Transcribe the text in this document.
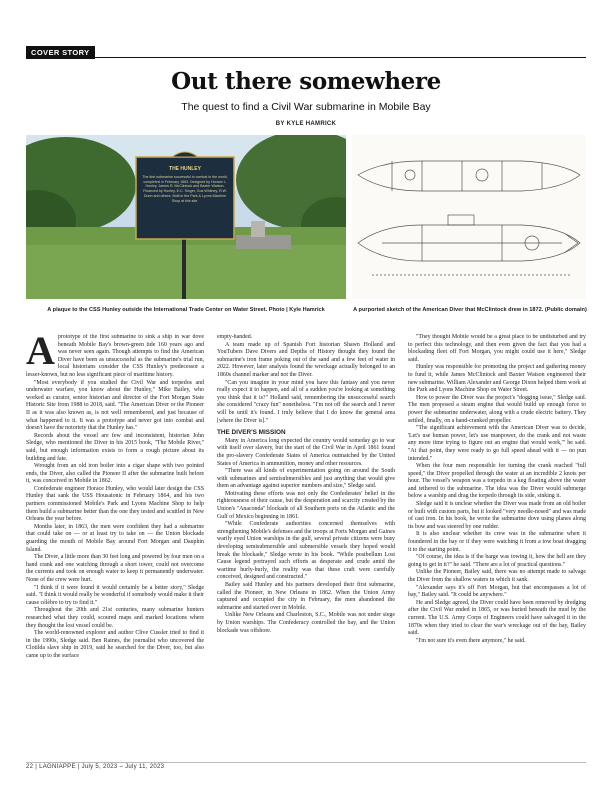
COVER STORY
Out there somewhere
The quest to find a Civil War submarine in Mobile Bay
BY KYLE HAMRICK
THE HUNLEY
The first submarine successful in combat in the world, completed in February 1863. Designed by Horace L. Hunley, James R. McClintock and Baxter Watson. Financed by Hunley, E.C. Singer, Gus Whitney, R.W. Dunn and others. Built in the Park & Lyons Machine Shop at this site.
A plaque to the CSS Hunley outside the International Trade Center on Water Street. Photo | Kyle Hamrick	A purported sketch of the American Diver that McClintock drew in 1872. (Public domain)

Aprototype of the first submarine to sink a ship in war dove beneath Mobile Bay's brown-green tide 160 years ago and was never seen again. Though attempts to find the American Diver have been as unsuccessful as the submarine's trial run, local historians consider the CSS Hunley's predecessor a lesser-known, but no less significant piece of maritime history.

"Most everybody if you studied the Civil War and torpedos and underwater warfare, you know about the Hunley," Mike Bailey, who worked as curator, senior historian and director of the Fort Morgan State Historic Site from 1988 to 2018, said. "The American Diver or the Pioneer II as it was also known as, is not well remembered, and just because of what happened to it. It was a prototype and never got into combat and doesn't have the notoriety that the Hunley has."

Records about the vessel are few and inconsistent, historian John Sledge, who mentioned the Diver in his 2015 book, "The Mobile River," said, but enough information exists to form a rough picture about its building and fate.

Wrought from an old iron boiler into a cigar shape with two pointed ends, the Diver, also called the Pioneer II after the submarine built before it, was conceived in Mobile in 1862.

Confederate engineer Horace Hunley, who would later design the CSS Hunley that sank the USS Housatonic in February 1864, and his two partners commissioned Mobile's Park and Lyons Machine Shop to help them build a submarine better than the one they tested and scuttled in New Orleans the year before.

Months later, in 1863, the men were confident they had a submarine that could take on — or at least try to take on — the Union blockade guarding the mouth of Mobile Bay around Fort Morgan and Dauphin Island.

The Diver, a little more than 30 feet long and powered by four men on a hand crank and one watching through a short tower, could not overcome the currents and took on enough water to keep it permanently underwater. None of the crew were hurt.

"I think if it were found it would certainly be a better story," Sledge said. "I think it would really be wonderful if somebody would make it their cause célèbre to try to find it."

Throughout the 20th and 21st centuries, many submarine hunters researched what they could, scoured maps and marked locations where they thought the lost vessel could be.

The world-renowned explorer and author Clive Cussler tried to find it in the 1990s, Sledge said. Ben Raines, the journalist who uncovered the Clotilda slave ship in 2019, said he searched for the Diver, too, but also came up to the surface

empty-handed.

A team made up of Spanish Fort historian Shawn Holland and YouTubers Dave Divers and Depths of History thought they found the submarine's iron frame poking out of the sand and a few feet of water in 2022. However, later analysis found the wreckage actually belonged to an 1860s channel marker and not the Diver.

"Can you imagine in your mind you have this fantasy and you never really expect it to happen, and all of a sudden you're looking at something you think that it is?" Holland said, remembering the unsuccessful search she considered "crazy fun" nonetheless. "I'm not off the search and I never will be until it's found. I truly believe that I do know the general area [where the Diver is]."

THE DIVER'S MISSION

Many in America long expected the country would someday go to war with itself over slavery, but the start of the Civil War in April 1861 found the pro-slavery Confederate States of America outmatched by the United States of America in ammunition, money and other resources.

"There was all kinds of experimentation going on around the South with submarines and semisubmersibles and just anything that would give them an advantage against superior numbers and size," Sledge said.

Motivating these efforts was not only the Confederates' belief in the righteousness of their cause, but the desperation and scarcity created by the Union's "Anaconda" blockade of all Southern ports on the Atlantic and the Gulf of Mexico beginning in 1861.

"While Confederate authorities concerned themselves with strengthening Mobile's defenses and the troops at Forts Morgan and Gaines warily eyed Union warships in the gulf, several private citizens were busy developing semisubmersible and submersible vessels they hoped would break the blockade," Sledge wrote in his book. "While postbellum Lost Cause legend portrayed such efforts as desperate and crude amid the wartime hurly-burly, the reality was that these craft were carefully conceived, designed and constructed."

Bailey said Hunley and his partners developed their first submarine, called the Pioneer, in New Orleans in 1862. When the Union Army captured and occupied the city in February, the men abandoned the submarine and started over in Mobile.

Unlike New Orleans and Charleston, S.C., Mobile was not under siege by Union warships. The Confederacy controlled the bay, and the Union blockade was offshore.

"They thought Mobile would be a great place to be undisturbed and try to perfect this technology, and then even given the fact that you had a blockading fleet off Fort Morgan, you might could use it here," Sledge said.

Hunley was responsible for promoting the project and gathering money to fund it, while James McClintock and Baxter Watson engineered their new submarine. William Alexander and George Dixon helped them work at the Park and Lyons Machine Shop on Water Street.

How to power the Diver was the project's "dogging issue," Sledge said. The men proposed a steam engine that would build up enough force to power the submarine underwater, along with a crude electric battery. They settled, finally, on a hand-cranked propeller.

"The significant achievement with the American Diver was to decide, 'Let's use human power, let's use manpower, do the crank and not waste any more time trying to figure out an engine that would work,'" he said. "At that point, they were ready to go full speed ahead with it — no pun intended."

When the four men responsible for turning the crank reached "full speed," the Diver propelled through the water at an incredible 2 knots per hour. The vessel's weapon was a torpedo in a keg floating above the water and tethered to the submarine. The idea was the Diver would submerge below a warship and drag the torpedo through its side, sinking it.

Sledge said it is unclear whether the Diver was made from an old boiler or built with custom parts, but it looked "very needle-nosed" and was made of cast iron. In his book, he wrote the submarine dove using planes along its bow and was steered by one rudder.

It is also unclear whether its crew was in the submarine when it foundered in the bay or if they were watching it from a tow boat dragging it to the starting point.

"Of course, the idea is if the barge was towing it, how the hell are they going to get in it?" he said. "There are a lot of practical questions."

Unlike the Pioneer, Bailey said, there was no attempt made to salvage the Diver from the shallow waters in which it sank.

"Alexander says it's off Fort Morgan, but that encompasses a lot of bay," Bailey said. "It could be anywhere."

He and Sledge agreed, the Diver could have been removed by dredging after the Civil War ended in 1865, or was buried beneath the mud by the current. The U.S. Army Corps of Engineers could have salvaged it in the 1870s when they tried to clear the war's wreckage out of the bay, Bailey said.

"I'm not sure it's even there anymore," he said.

22 | LAGNIAPPE | July 5, 2023 – July 11, 2023
